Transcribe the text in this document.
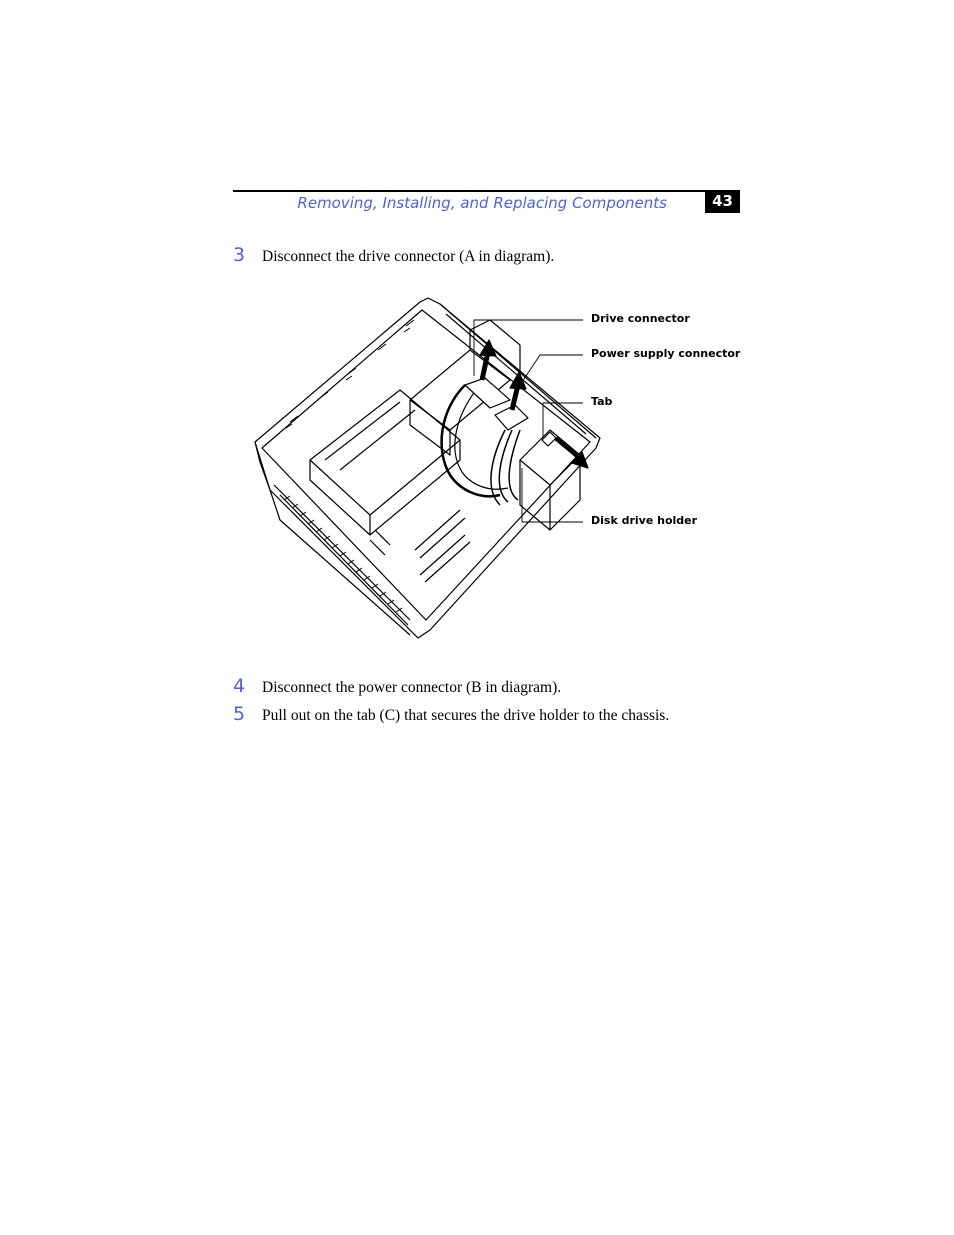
Removing, Installing, and Replacing Components	43
3 Disconnect the drive connector (A in diagram).
Drive connector
Power supply connector
Tab
Disk drive holder
4 Disconnect the power connector (B in diagram).
5 Pull out on the tab (C) that secures the drive holder to the chassis.
